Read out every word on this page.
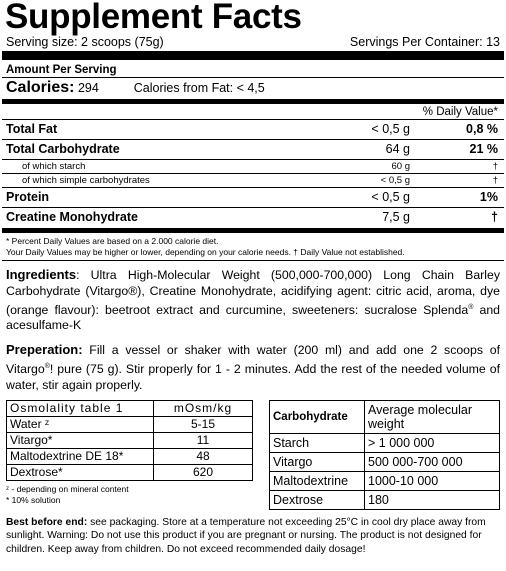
Supplement Facts
Serving size: 2 scoops (75g)	Servings Per Container: 13
Amount Per Serving
Calories: 294	Calories from Fat: < 4,5
% Daily Value*
Total Fat	< 0,5 g	0,8 %
Total Carbohydrate	64 g	21 %
of which starch	60 g	†
of which simple carbohydrates	< 0,5 g	†
Protein	< 0,5 g	1%
Creatine Monohydrate	7,5 g	†
* Percent Daily Values are based on a 2.000 calorie diet.
Your Daily Values may be higher or lower, depending on your calorie needs. † Daily Value not established.
Ingredients: Ultra High-Molecular Weight (500,000-700,000) Long Chain Barley Carbohydrate (Vitargo®), Creatine Monohydrate, acidifying agent: citric acid, aroma, dye (orange flavour): beetroot extract and curcumine, sweeteners: sucralose Splenda® and acesulfame-K
Preperation: Fill a vessel or shaker with water (200 ml) and add one 2 scoops of Vitargo®! pure (75 g). Stir properly for 1 - 2 minutes. Add the rest of the needed volume of water, stir again properly.
Osmolality table 1	mOsm/kg
Water ᶻ	5-15
Vitargo*	11
Maltodextrine DE 18*	48
Dextrose*	620
ᶻ - depending on mineral content
* 10% solution
Carbohydrate	Average molecular weight
Starch	> 1 000 000
Vitargo	500 000-700 000
Maltodextrine	1000-10 000
Dextrose	180
Best before end: see packaging. Store at a temperature not exceeding 25°C in cool dry place away from sunlight. Warning: Do not use this product if you are pregnant or nursing. The product is not designed for children. Keep away from children. Do not exceed recommended daily dosage!
